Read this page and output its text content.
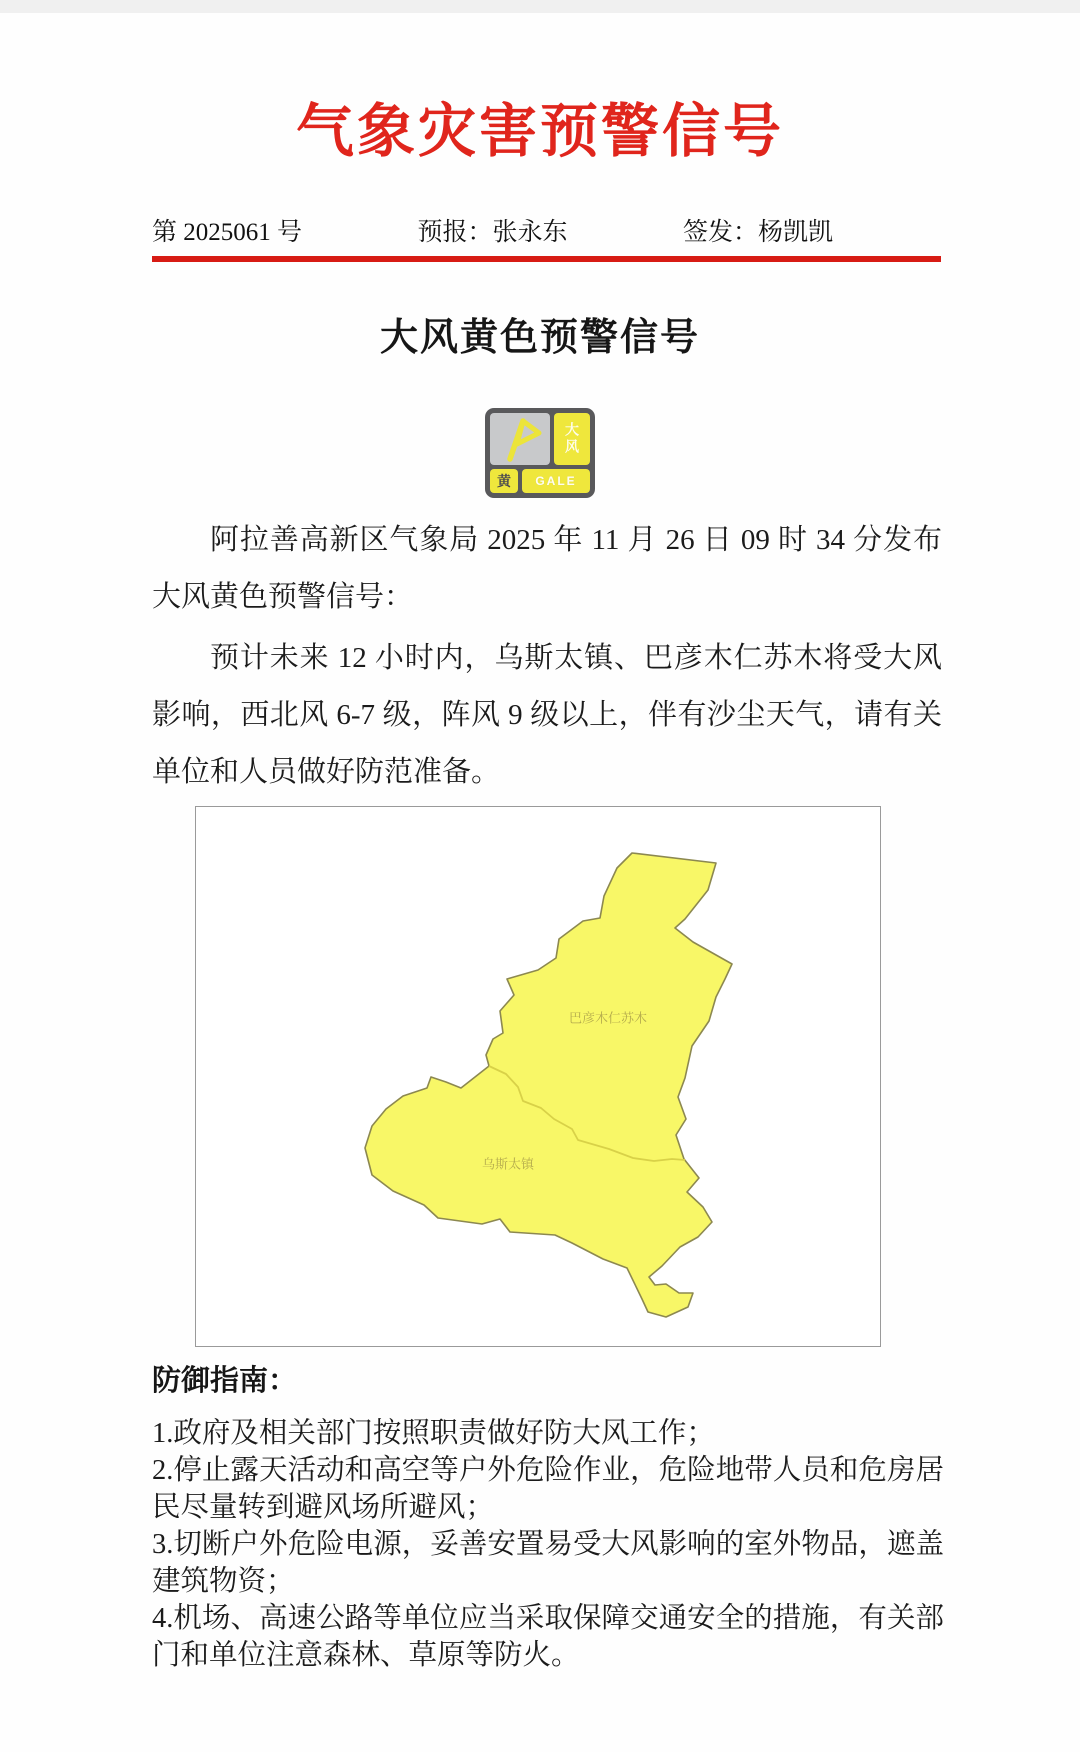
气象灾害预警信号
第 2025061 号	预报：张永东	签发：杨凯凯
大风黄色预警信号
大风
黄	GALE

阿拉善高新区气象局 2025 年 11 月 26 日 09 时 34 分发布大风黄色预警信号：

预计未来 12 小时内，乌斯太镇、巴彦木仁苏木将受大风影响，西北风 6-7 级，阵风 9 级以上，伴有沙尘天气，请有关单位和人员做好防范准备。

巴彦木仁苏木
乌斯太镇
防御指南：

1.政府及相关部门按照职责做好防大风工作；

2.停止露天活动和高空等户外危险作业，危险地带人员和危房居民尽量转到避风场所避风；

3.切断户外危险电源，妥善安置易受大风影响的室外物品，遮盖建筑物资；

4.机场、高速公路等单位应当采取保障交通安全的措施，有关部门和单位注意森林、草原等防火。
